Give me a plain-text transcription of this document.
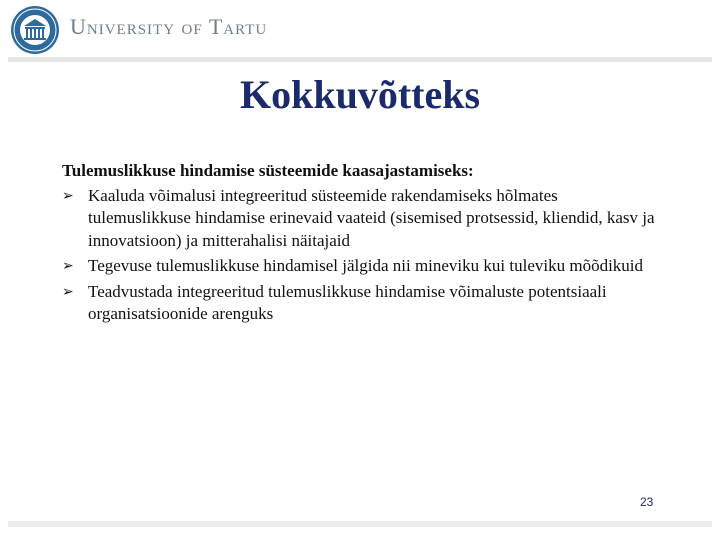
University of Tartu
Kokkuvõtteks

Tulemuslikkuse hindamise süsteemide kaasajastamiseks:

➢ Kaaluda võimalusi integreeritud süsteemide rakendamiseks hõlmates tulemuslikkuse hindamise erinevaid vaateid (sisemised protsessid, kliendid, kasv ja innovatsioon) ja mitterahalisi näitajaid
➢ Tegevuse tulemuslikkuse hindamisel jälgida nii mineviku kui tuleviku mõõdikuid
➢ Teadvustada integreeritud tulemuslikkuse hindamise võimaluste potentsiaali organisatsioonide arenguks
23
